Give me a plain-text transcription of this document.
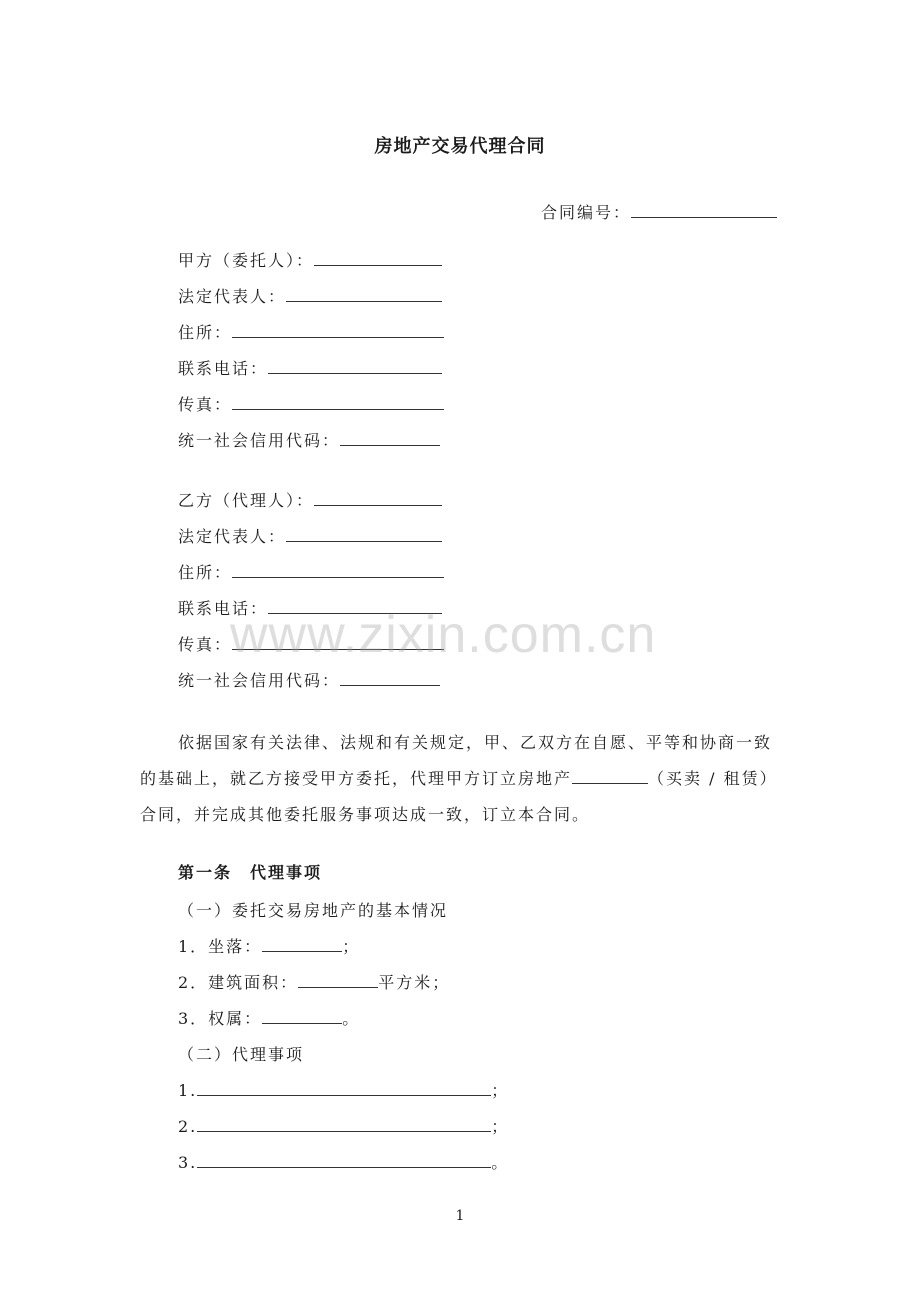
房地产交易代理合同
合同编号：
甲方（委托人）：
法定代表人：
住所：
联系电话：
传真：
统一社会信用代码：
乙方（代理人）：
法定代表人：
住所：
联系电话：
传真：
统一社会信用代码：
依据国家有关法律、法规和有关规定，甲、乙双方在自愿、平等和协商一致
的基础上，就乙方接受甲方委托，代理甲方订立房地产	（买卖 / 租赁）
合同，并完成其他委托服务事项达成一致，订立本合同。
第一条　代理事项
（一）委托交易房地产的基本情况
1．坐落：	；
2．建筑面积：	平方米；
3．权属：	。
（二）代理事项
1.	；
2.	；
3.	。
www.zixin.com.cn
1
